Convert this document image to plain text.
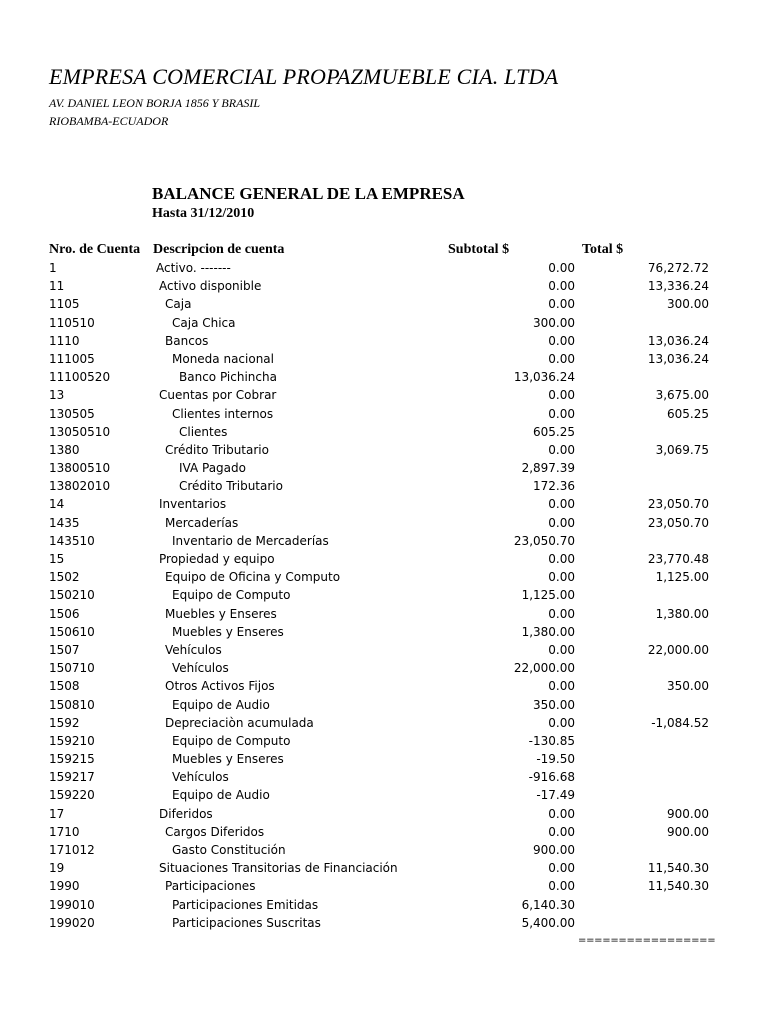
EMPRESA COMERCIAL PROPAZMUEBLE CIA. LTDA
AV. DANIEL LEON BORJA 1856 Y BRASIL
RIOBAMBA-ECUADOR
BALANCE GENERAL DE LA EMPRESA
Hasta 31/12/2010
Nro. de Cuenta Descripcion de cuenta	Subtotal $	Total $
1	Activo. -------	0.00	76,272.72
11	Activo disponible	0.00	13,336.24
1105	Caja	0.00	300.00
110510	Caja Chica	300.00
1110	Bancos	0.00	13,036.24
111005	Moneda nacional	0.00	13,036.24
11100520	Banco Pichincha	13,036.24
13	Cuentas por Cobrar	0.00	3,675.00
130505	Clientes internos	0.00	605.25
13050510	Clientes	605.25
1380	Crédito Tributario	0.00	3,069.75
13800510	IVA Pagado	2,897.39
13802010	Crédito Tributario	172.36
14	Inventarios	0.00	23,050.70
1435	Mercaderías	0.00	23,050.70
143510	Inventario de Mercaderías	23,050.70
15	Propiedad y equipo	0.00	23,770.48
1502	Equipo de Oficina y Computo	0.00	1,125.00
150210	Equipo de Computo	1,125.00
1506	Muebles y Enseres	0.00	1,380.00
150610	Muebles y Enseres	1,380.00
1507	Vehículos	0.00	22,000.00
150710	Vehículos	22,000.00
1508	Otros Activos Fijos	0.00	350.00
150810	Equipo de Audio	350.00
1592	Depreciaciòn acumulada	0.00	-1,084.52
159210	Equipo de Computo	-130.85
159215	Muebles y Enseres	-19.50
159217	Vehículos	-916.68
159220	Equipo de Audio	-17.49
17	Diferidos	0.00	900.00
1710	Cargos Diferidos	0.00	900.00
171012	Gasto Constitución	900.00
19	Situaciones Transitorias de Financiación	0.00	11,540.30
1990	Participaciones	0.00	11,540.30
199010	Participaciones Emitidas	6,140.30
199020	Participaciones Suscritas	5,400.00
=================
